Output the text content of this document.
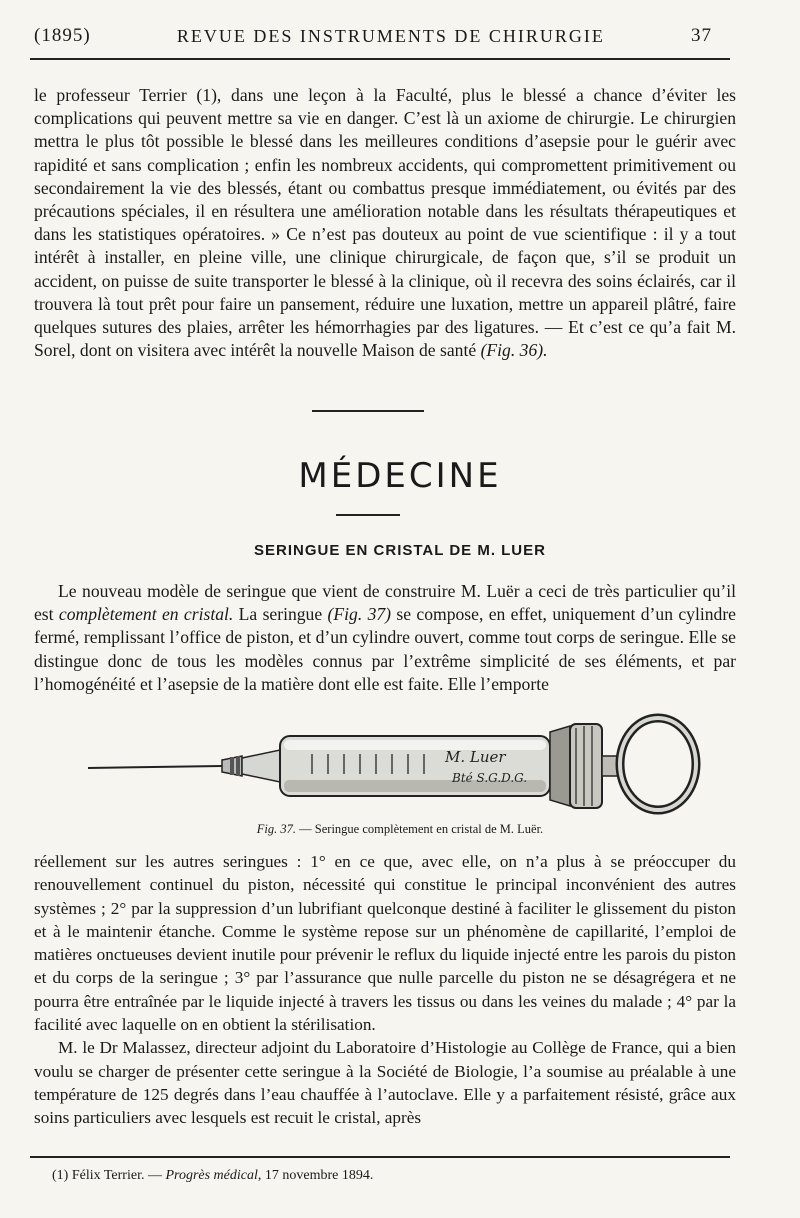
(1895)	REVUE DES INSTRUMENTS DE CHIRURGIE	37

le professeur Terrier (1), dans une leçon à la Faculté, plus le blessé a chance d’éviter les complications qui peuvent mettre sa vie en danger. C’est là un axiome de chirurgie. Le chirurgien mettra le plus tôt possible le blessé dans les meilleures conditions d’asepsie pour le guérir avec rapidité et sans complication ; enfin les nombreux accidents, qui compromettent primitivement ou secondairement la vie des blessés, étant ou combattus presque immédiatement, ou évités par des précautions spéciales, il en résultera une amélioration notable dans les résultats thérapeutiques et dans les statistiques opératoires. » Ce n’est pas douteux au point de vue scientifique : il y a tout intérêt à installer, en pleine ville, une clinique chirurgicale, de façon que, s’il se produit un accident, on puisse de suite transporter le blessé à la clinique, où il recevra des soins éclairés, car il trouvera là tout prêt pour faire un pansement, réduire une luxation, mettre un appareil plâtré, faire quelques sutures des plaies, arrêter les hémorrhagies par des ligatures. — Et c’est ce qu’a fait M. Sorel, dont on visitera avec intérêt la nouvelle Maison de santé (Fig. 36).

MÉDECINE
SERINGUE EN CRISTAL DE M. LUER

Le nouveau modèle de seringue que vient de construire M. Luër a ceci de très particulier qu’il est complètement en cristal. La seringue (Fig. 37) se compose, en effet, uniquement d’un cylindre fermé, remplissant l’office de piston, et d’un cylindre ouvert, comme tout corps de seringue. Elle se distingue donc de tous les modèles connus par l’extrême simplicité de ses éléments, et par l’homogénéité et l’asepsie de la matière dont elle est faite. Elle l’emporte

M. Luer
Bté S.G.D.G.
Fig. 37. — Seringue complètement en cristal de M. Luër.

réellement sur les autres seringues : 1° en ce que, avec elle, on n’a plus à se préoccuper du renouvellement continuel du piston, nécessité qui constitue le principal inconvénient des autres systèmes ; 2° par la suppression d’un lubrifiant quelconque destiné à faciliter le glissement du piston et à le maintenir étanche. Comme le système repose sur un phénomène de capillarité, l’emploi de matières onctueuses devient inutile pour prévenir le reflux du liquide injecté entre les parois du piston et du corps de la seringue ; 3° par l’assurance que nulle parcelle du piston ne se désagrégera et ne pourra être entraînée par le liquide injecté à travers les tissus ou dans les veines du malade ; 4° par la facilité avec laquelle on en obtient la stérilisation.

M. le Dr Malassez, directeur adjoint du Laboratoire d’Histologie au Collège de France, qui a bien voulu se charger de présenter cette seringue à la Société de Biologie, l’a soumise au préalable à une température de 125 degrés dans l’eau chauffée à l’autoclave. Elle y a parfaitement résisté, grâce aux soins particuliers avec lesquels est recuit le cristal, après

(1) Félix Terrier. — Progrès médical, 17 novembre 1894.
